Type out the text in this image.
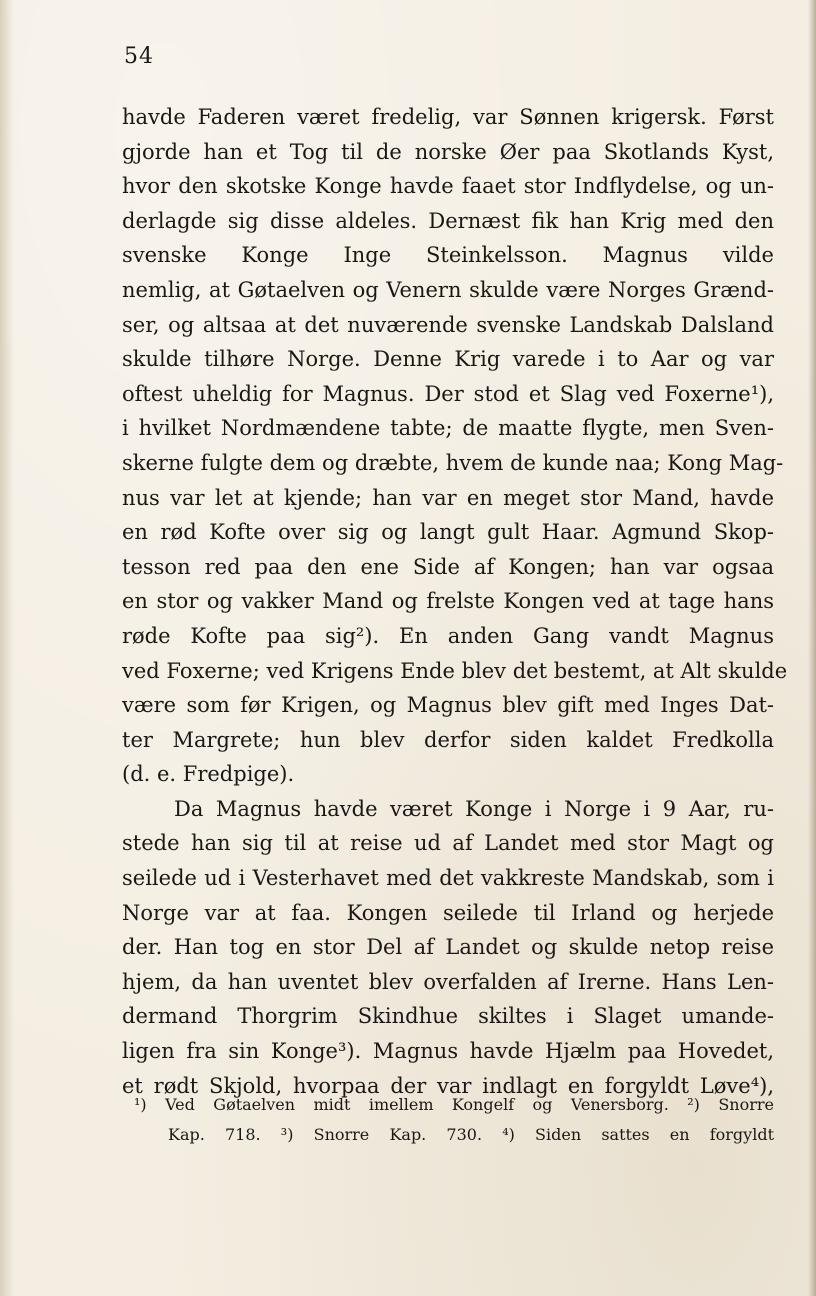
54
havde Faderen været fredelig, var Sønnen krigersk. Først
gjorde han et Tog til de norske Øer paa Skotlands Kyst,
hvor den skotske Konge havde faaet stor Indflydelse, og un-
derlagde sig disse aldeles. Dernæst fik han Krig med den
svenske Konge Inge Steinkelsson. Magnus vilde
nemlig, at Gøtaelven og Venern skulde være Norges Grænd-
ser, og altsaa at det nuværende svenske Landskab Dalsland
skulde tilhøre Norge. Denne Krig varede i to Aar og var
oftest uheldig for Magnus. Der stod et Slag ved Foxerne¹),
i hvilket Nordmændene tabte; de maatte flygte, men Sven-
skerne fulgte dem og dræbte, hvem de kunde naa; Kong Mag-
nus var let at kjende; han var en meget stor Mand, havde
en rød Kofte over sig og langt gult Haar. Agmund Skop-
tesson red paa den ene Side af Kongen; han var ogsaa
en stor og vakker Mand og frelste Kongen ved at tage hans
røde Kofte paa sig²). En anden Gang vandt Magnus
ved Foxerne; ved Krigens Ende blev det bestemt, at Alt skulde
være som før Krigen, og Magnus blev gift med Inges Dat-
ter Margrete; hun blev derfor siden kaldet Fredkolla
(d. e. Fredpige).
Da Magnus havde været Konge i Norge i 9 Aar, ru-
stede han sig til at reise ud af Landet med stor Magt og
seilede ud i Vesterhavet med det vakkreste Mandskab, som i
Norge var at faa. Kongen seilede til Irland og herjede
der. Han tog en stor Del af Landet og skulde netop reise
hjem, da han uventet blev overfalden af Irerne. Hans Len-
dermand Thorgrim Skindhue skiltes i Slaget umande-
ligen fra sin Konge³). Magnus havde Hjælm paa Hovedet,
et rødt Skjold, hvorpaa der var indlagt en forgyldt Løve⁴),
¹) Ved Gøtaelven midt imellem Kongelf og Venersborg. ²) Snorre
Kap. 718. ³) Snorre Kap. 730. ⁴) Siden sattes en forgyldt
